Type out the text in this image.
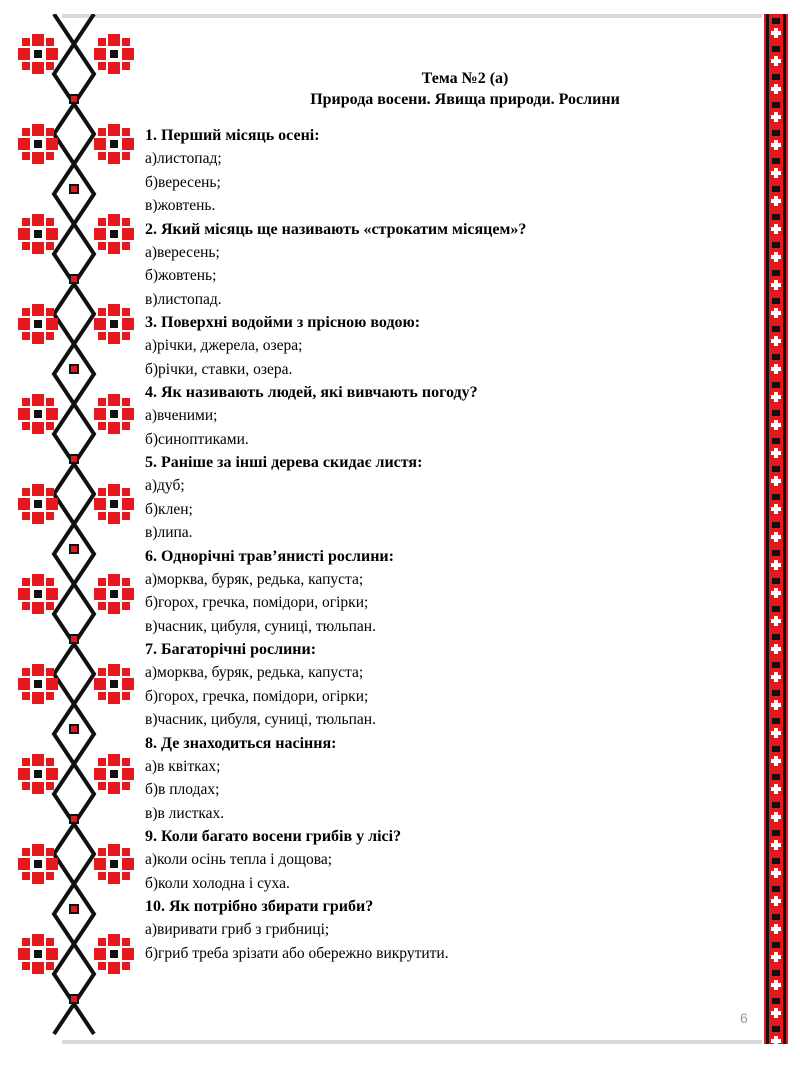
Тема №2 (а)

Природа восени. Явища природи. Рослини

1. Перший місяць осені:
а)листопад;
б)вересень;
в)жовтень.
2. Який місяць ще називають «строкатим місяцем»?
а)вересень;
б)жовтень;
в)листопад.
3. Поверхні водойми з прісною водою:
а)річки, джерела, озера;
б)річки, ставки, озера.
4. Як називають людей, які вивчають погоду?
а)вченими;
б)синоптиками.
5. Раніше за інші дерева скидає листя:
а)дуб;
б)клен;
в)липа.
6. Однорічні трав’янисті рослини:
а)морква, буряк, редька, капуста;
б)горох, гречка, помідори, огірки;
в)часник, цибуля, суниці, тюльпан.
7. Багаторічні рослини:
а)морква, буряк, редька, капуста;
б)горох, гречка, помідори, огірки;
в)часник, цибуля, суниці, тюльпан.
8. Де знаходиться насіння:
а)в квітках;
б)в плодах;
в)в листках.
9. Коли багато восени грибів у лісі?
а)коли осінь тепла і дощова;
б)коли холодна і суха.
10. Як потрібно збирати гриби?
а)виривати гриб з грибниці;
б)гриб треба зрізати або обережно викрутити.
6
